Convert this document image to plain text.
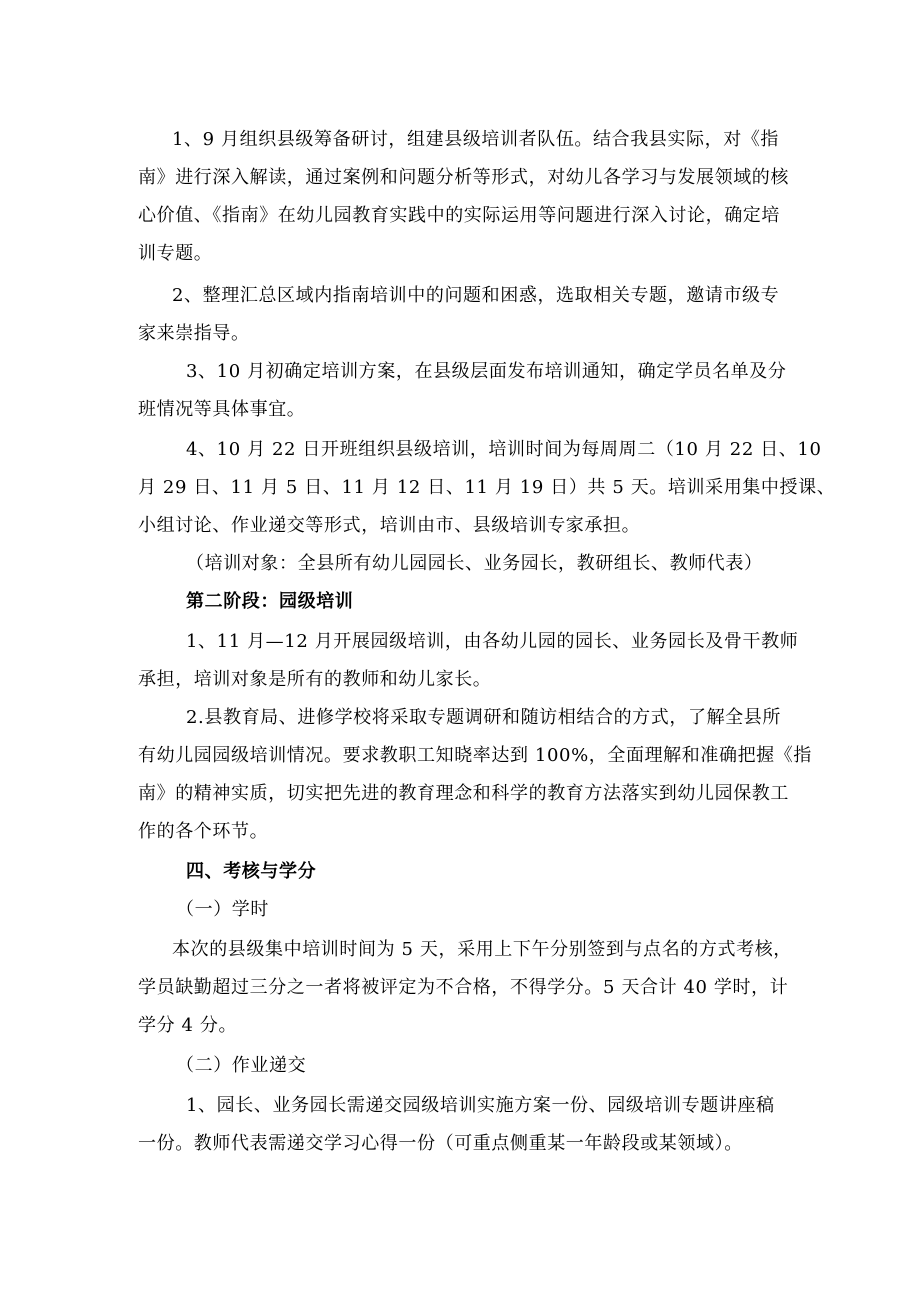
1、9 月组织县级筹备研讨，组建县级培训者队伍。结合我县实际，对《指
南》进行深入解读，通过案例和问题分析等形式，对幼儿各学习与发展领域的核
心价值、《指南》在幼儿园教育实践中的实际运用等问题进行深入讨论，确定培
训专题。
2、整理汇总区域内指南培训中的问题和困惑，选取相关专题，邀请市级专
家来崇指导。
3、10 月初确定培训方案，在县级层面发布培训通知，确定学员名单及分
班情况等具体事宜。
4、10 月 22 日开班组织县级培训，培训时间为每周周二（10 月 22 日、10
月 29 日、11 月 5 日、11 月 12 日、11 月 19 日）共 5 天。培训采用集中授课、
小组讨论、作业递交等形式，培训由市、县级培训专家承担。
（培训对象：全县所有幼儿园园长、业务园长，教研组长、教师代表）
第二阶段：园级培训
1、11 月—12 月开展园级培训，由各幼儿园的园长、业务园长及骨干教师
承担，培训对象是所有的教师和幼儿家长。
2.县教育局、进修学校将采取专题调研和随访相结合的方式，了解全县所
有幼儿园园级培训情况。要求教职工知晓率达到 100%，全面理解和准确把握《指
南》的精神实质，切实把先进的教育理念和科学的教育方法落实到幼儿园保教工
作的各个环节。
四、考核与学分
（一）学时
本次的县级集中培训时间为 5 天，采用上下午分别签到与点名的方式考核，
学员缺勤超过三分之一者将被评定为不合格，不得学分。5 天合计 40 学时，计
学分 4 分。
（二）作业递交
1、园长、业务园长需递交园级培训实施方案一份、园级培训专题讲座稿
一份。教师代表需递交学习心得一份（可重点侧重某一年龄段或某领域）。
